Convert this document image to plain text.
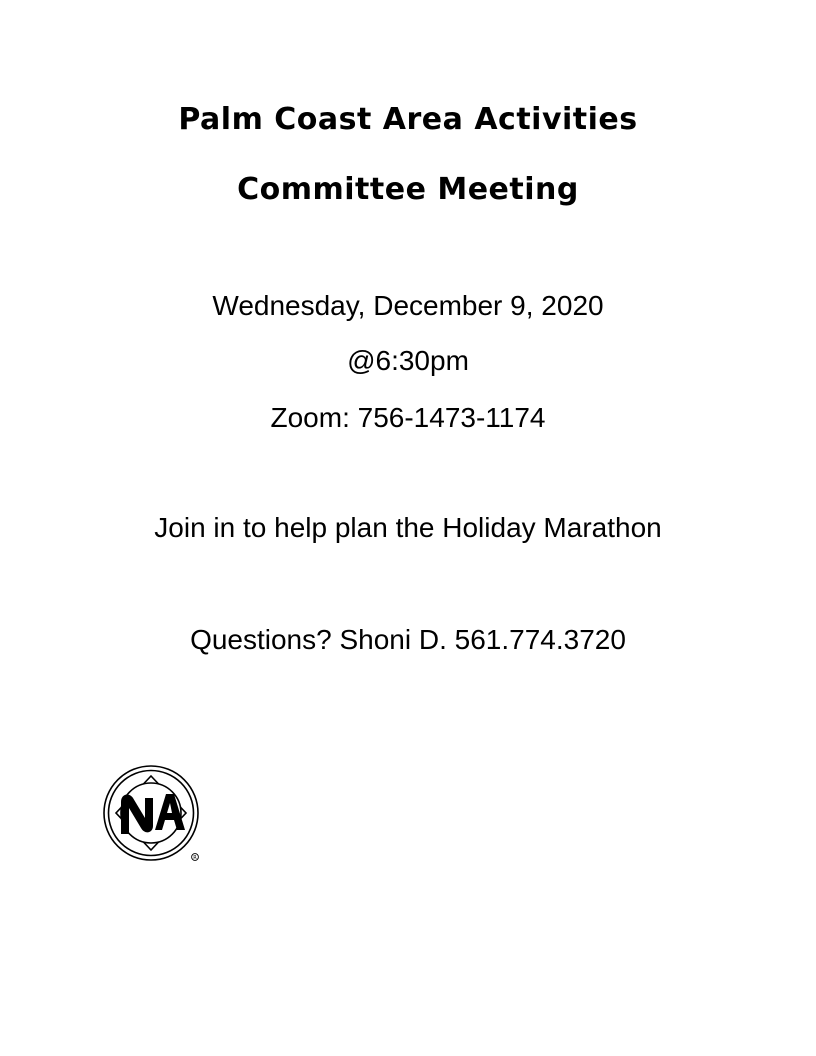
Palm Coast Area Activities
Committee Meeting
Wednesday, December 9, 2020
@6:30pm
Zoom: 756-1473-1174
Join in to help plan the Holiday Marathon
Questions? Shoni D. 561.774.3720
R
